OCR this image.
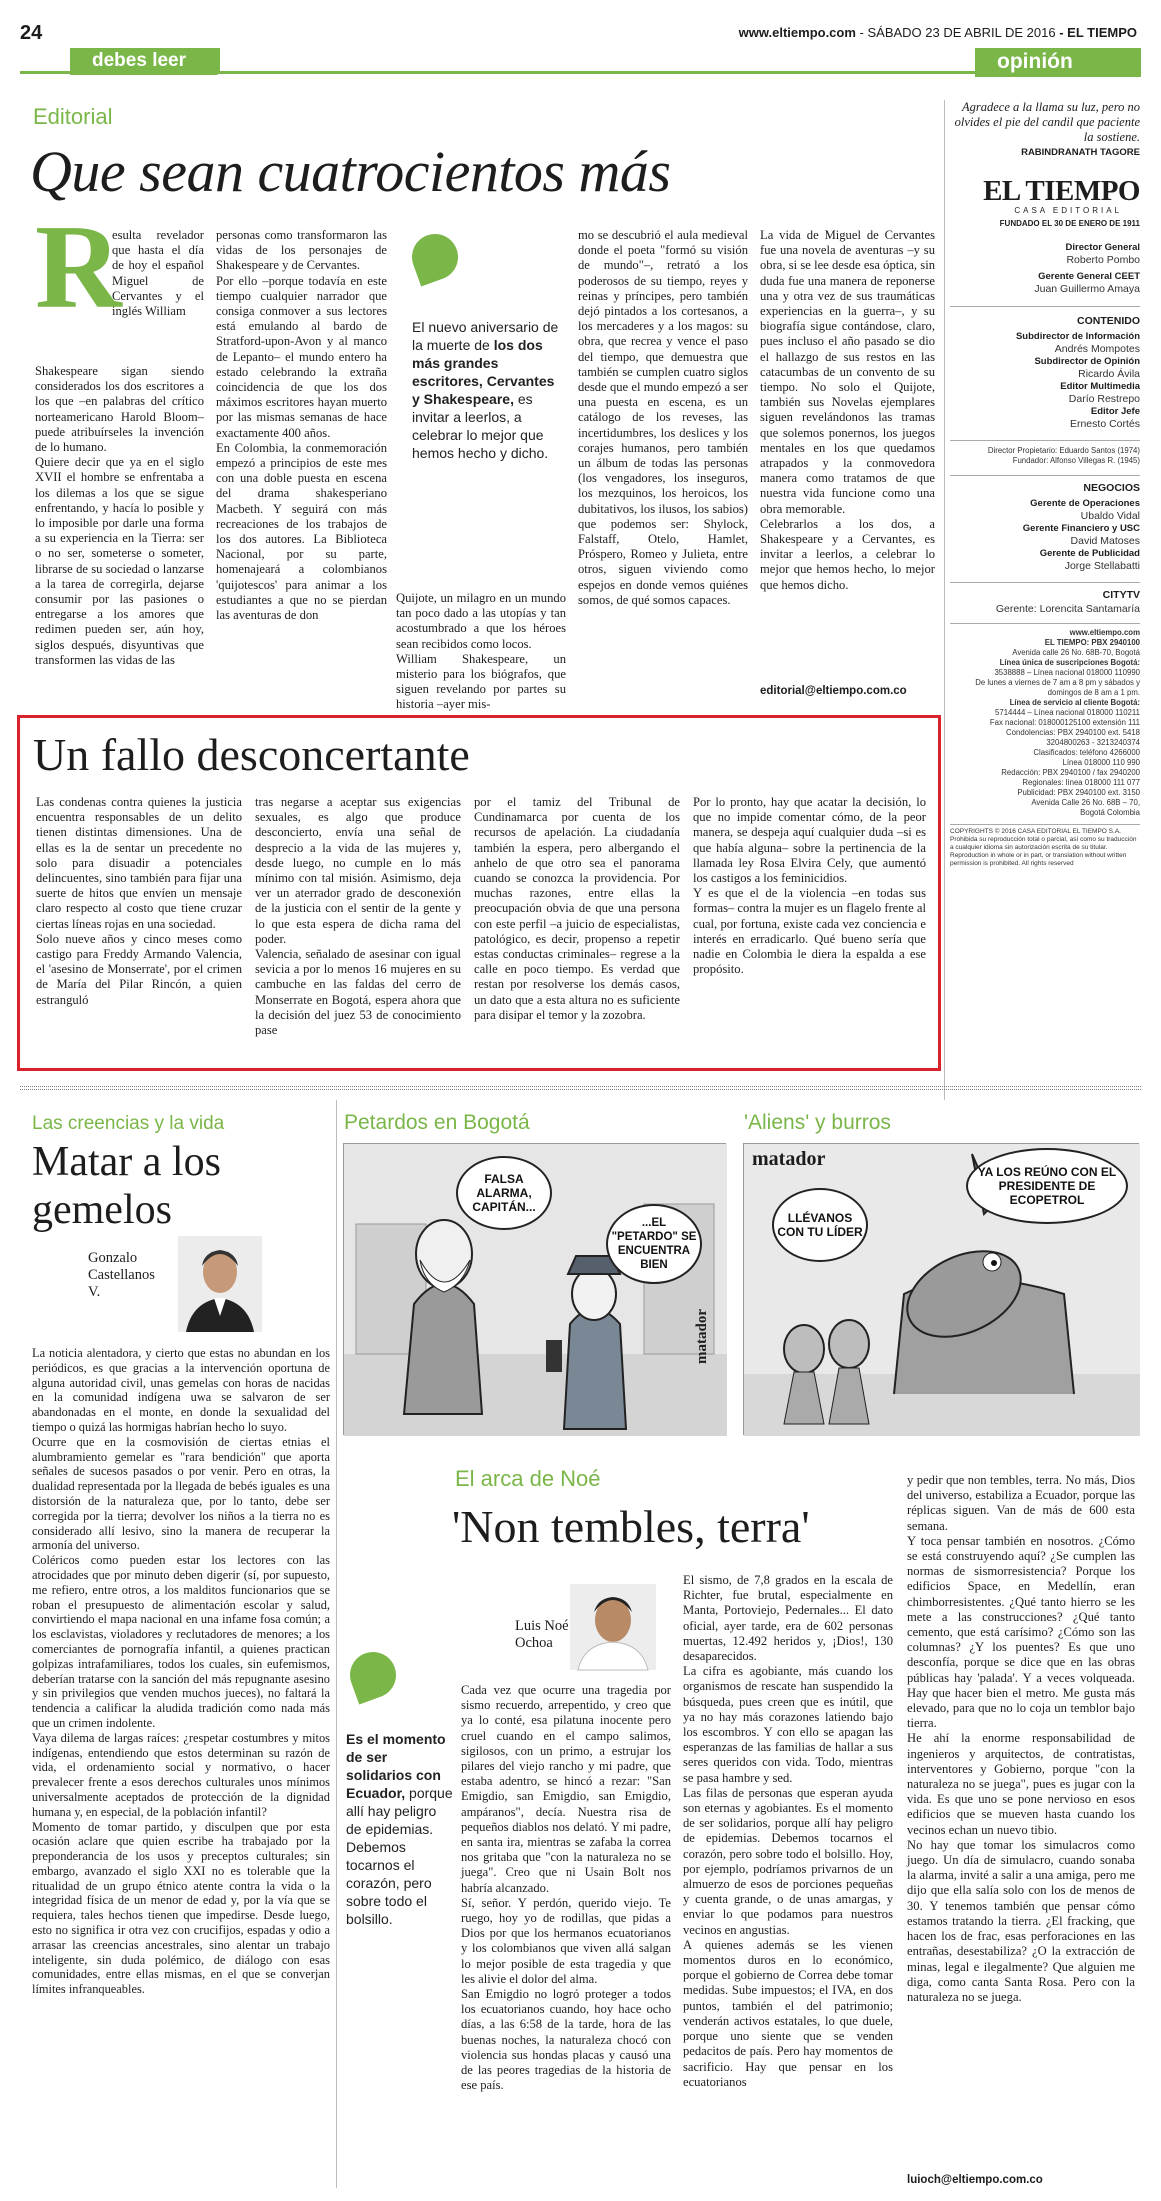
24	www.eltiempo.com - SÁBADO 23 DE ABRIL DE 2016 - EL TIEMPO
debes leer	opinión
Editorial
Que sean cuatrocientos más
R
esulta revelador que hasta el día de hoy el español Miguel de Cervantes y el inglés William
Shakespeare sigan siendo considerados los dos escritores a los que –en palabras del crítico norteamericano Harold Bloom– puede atribuírseles la invención de lo humano.
Quiere decir que ya en el siglo XVII el hombre se enfrentaba a los dilemas a los que se sigue enfrentando, y hacía lo posible y lo imposible por darle una forma a su experiencia en la Tierra: ser o no ser, someterse o someter, librarse de su sociedad o lanzarse a la tarea de corregirla, dejarse consumir por las pasiones o entregarse a los amores que redimen pueden ser, aún hoy, siglos después, disyuntivas que transformen las vidas de las
personas como transformaron las vidas de los personajes de Shakespeare y de Cervantes.
Por ello –porque todavía en este tiempo cualquier narrador que consiga conmover a sus lectores está emulando al bardo de Stratford-upon-Avon y al manco de Lepanto– el mundo entero ha estado celebrando la extraña coincidencia de que los dos máximos escritores hayan muerto por las mismas semanas de hace exactamente 400 años.
En Colombia, la conmemoración empezó a principios de este mes con una doble puesta en escena del drama shakesperiano Macbeth. Y seguirá con más recreaciones de los trabajos de los dos autores. La Biblioteca Nacional, por su parte, homenajeará a colombianos 'quijotescos' para animar a los estudiantes a que no se pierdan las aventuras de don
El nuevo aniversario de la muerte de los dos más grandes escritores, Cervantes y Shakespeare, es invitar a leerlos, a celebrar lo mejor que hemos hecho y dicho.
Quijote, un milagro en un mundo tan poco dado a las utopías y tan acostumbrado a que los héroes sean recibidos como locos.
William Shakespeare, un misterio para los biógrafos, que siguen revelando por partes su historia –ayer mis-
mo se descubrió el aula medieval donde el poeta "formó su visión de mundo"–, retrató a los poderosos de su tiempo, reyes y reinas y príncipes, pero también dejó pintados a los cortesanos, a los mercaderes y a los magos: su obra, que recrea y vence el paso del tiempo, que demuestra que también se cumplen cuatro siglos desde que el mundo empezó a ser una puesta en escena, es un catálogo de los reveses, las incertidumbres, los deslices y los corajes humanos, pero también un álbum de todas las personas (los vengadores, los inseguros, los mezquinos, los heroicos, los dubitativos, los ilusos, los sabios) que podemos ser: Shylock, Falstaff, Otelo, Hamlet, Próspero, Romeo y Julieta, entre otros, siguen viviendo como espejos en donde vemos quiénes somos, de qué somos capaces.
La vida de Miguel de Cervantes fue una novela de aventuras –y su obra, si se lee desde esa óptica, sin duda fue una manera de reponerse una y otra vez de sus traumáticas experiencias en la guerra–, y su biografía sigue contándose, claro, pues incluso el año pasado se dio el hallazgo de sus restos en las catacumbas de un convento de su tiempo. No solo el Quijote, también sus Novelas ejemplares siguen revelándonos las tramas que solemos ponernos, los juegos mentales en los que quedamos atrapados y la conmovedora manera como tratamos de que nuestra vida funcione como una obra memorable.
Celebrarlos a los dos, a Shakespeare y a Cervantes, es invitar a leerlos, a celebrar lo mejor que hemos hecho, lo mejor que hemos dicho.
editorial@eltiempo.com.co
Agradece a la llama su luz, pero no olvides el pie del candil que paciente la sostiene.
RABINDRANATH TAGORE
EL TIEMPO
CASA EDITORIAL
FUNDADO EL 30 DE ENERO DE 1911
Director General
Roberto Pombo
Gerente General CEET
Juan Guillermo Amaya
CONTENIDO
Subdirector de Información
Andrés Mompotes
Subdirector de Opinión
Ricardo Ávila
Editor Multimedia
Darío Restrepo
Editor Jefe
Ernesto Cortés
Director Propietario: Eduardo Santos (1974)
Fundador: Alfonso Villegas R. (1945)
NEGOCIOS
Gerente de Operaciones
Ubaldo Vidal
Gerente Financiero y USC
David Matoses
Gerente de Publicidad
Jorge Stellabatti
CITYTV
Gerente: Lorencita Santamaría
www.eltiempo.com
EL TIEMPO: PBX 2940100
Avenida calle 26 No. 68B-70, Bogotá
Línea única de suscripciones Bogotá:
3538888 – Línea nacional 018000 110990
De lunes a viernes de 7 am a 8 pm y sábados y
domingos de 8 am a 1 pm.
Línea de servicio al cliente Bogotá:
5714444 – Línea nacional 018000 110211
Fax nacional: 018000125100 extensión 111
Condolencias: PBX 2940100 ext. 5418
3204800263 - 3213240374
Clasificados: teléfono 4266000
Línea 018000 110 990
Redacción: PBX 2940100 / fax 2940200
Regionales: línea 018000 111 077
Publicidad: PBX 2940100 ext. 3150
Avenida Calle 26 No. 68B – 70,
Bogotá Colombia
COPYRIGHTS © 2016 CASA EDITORIAL EL TIEMPO S.A. Prohibida su reproducción total o parcial, así como su traducción a cualquier idioma sin autorización escrita de su titular. Reproduction in whole or in part, or translation without written permission is prohibited. All rights reserved
Un fallo desconcertante
Las condenas contra quienes la justicia encuentra responsables de un delito tienen distintas dimensiones. Una de ellas es la de sentar un precedente no solo para disuadir a potenciales delincuentes, sino también para fijar una suerte de hitos que envíen un mensaje claro respecto al costo que tiene cruzar ciertas líneas rojas en una sociedad.
Solo nueve años y cinco meses como castigo para Freddy Armando Valencia, el 'asesino de Monserrate', por el crimen de María del Pilar Rincón, a quien estranguló
tras negarse a aceptar sus exigencias sexuales, es algo que produce desconcierto, envía una señal de desprecio a la vida de las mujeres y, desde luego, no cumple en lo más mínimo con tal misión. Asimismo, deja ver un aterrador grado de desconexión de la justicia con el sentir de la gente y lo que esta espera de dicha rama del poder.
Valencia, señalado de asesinar con igual sevicia a por lo menos 16 mujeres en su cambuche en las faldas del cerro de Monserrate en Bogotá, espera ahora que la decisión del juez 53 de conocimiento pase
por el tamiz del Tribunal de Cundinamarca por cuenta de los recursos de apelación. La ciudadanía también la espera, pero albergando el anhelo de que otro sea el panorama cuando se conozca la providencia. Por muchas razones, entre ellas la preocupación obvia de que una persona con este perfil –a juicio de especialistas, patológico, es decir, propenso a repetir estas conductas criminales– regrese a la calle en poco tiempo. Es verdad que restan por resolverse los demás casos, un dato que a esta altura no es suficiente para disipar el temor y la zozobra.
Por lo pronto, hay que acatar la decisión, lo que no impide comentar cómo, de la peor manera, se despeja aquí cualquier duda –si es que había alguna– sobre la pertinencia de la llamada ley Rosa Elvira Cely, que aumentó los castigos a los feminicidios.
Y es que el de la violencia –en todas sus formas– contra la mujer es un flagelo frente al cual, por fortuna, existe cada vez conciencia e interés en erradicarlo. Qué bueno sería que nadie en Colombia le diera la espalda a ese propósito.
Las creencias y la vida
Matar a los gemelos
Gonzalo Castellanos V.
La noticia alentadora, y cierto que estas no abundan en los periódicos, es que gracias a la intervención oportuna de alguna autoridad civil, unas gemelas con horas de nacidas en la comunidad indígena uwa se salvaron de ser abandonadas en el monte, en donde la sexualidad del tiempo o quizá las hormigas habrían hecho lo suyo.
Ocurre que en la cosmovisión de ciertas etnias el alumbramiento gemelar es "rara bendición" que aporta señales de sucesos pasados o por venir. Pero en otras, la dualidad representada por la llegada de bebés iguales es una distorsión de la naturaleza que, por lo tanto, debe ser corregida por la tierra; devolver los niños a la tierra no es considerado allí lesivo, sino la manera de recuperar la armonía del universo.
Coléricos como pueden estar los lectores con las atrocidades que por minuto deben digerir (sí, por supuesto, me refiero, entre otros, a los malditos funcionarios que se roban el presupuesto de alimentación escolar y salud, convirtiendo el mapa nacional en una infame fosa común; a los esclavistas, violadores y reclutadores de menores; a los comerciantes de pornografía infantil, a quienes practican golpizas intrafamiliares, todos los cuales, sin eufemismos, deberían tratarse con la sanción del más repugnante asesino y sin privilegios que venden muchos jueces), no faltará la tendencia a calificar la aludida tradición como nada más que un crimen indolente.
Vaya dilema de largas raíces: ¿respetar costumbres y mitos indígenas, entendiendo que estos determinan su razón de vida, el ordenamiento social y normativo, o hacer prevalecer frente a esos derechos culturales unos mínimos universalmente aceptados de protección de la dignidad humana y, en especial, de la población infantil?
Momento de tomar partido, y disculpen que por esta ocasión aclare que quien escribe ha trabajado por la preponderancia de los usos y preceptos culturales; sin embargo, avanzado el siglo XXI no es tolerable que la ritualidad de un grupo étnico atente contra la vida o la integridad física de un menor de edad y, por la vía que se requiera, tales hechos tienen que impedirse. Desde luego, esto no significa ir otra vez con crucifijos, espadas y odio a arrasar las creencias ancestrales, sino alentar un trabajo inteligente, sin duda polémico, de diálogo con esas comunidades, entre ellas mismas, en el que se converjan límites infranqueables.
Petardos en Bogotá
FALSA ALARMA, CAPITÁN...
...EL "PETARDO" SE ENCUENTRA BIEN
matador
'Aliens' y burros
matador
LLÉVANOS CON TU LÍDER
YA LOS REÚNO CON EL PRESIDENTE DE ECOPETROL
El arca de Noé
'Non tembles, terra'
Luis Noé Ochoa
Es el momento de ser solidarios con Ecuador, porque allí hay peligro de epidemias. Debemos tocarnos el corazón, pero sobre todo el bolsillo.
Cada vez que ocurre una tragedia por sismo recuerdo, arrepentido, y creo que ya lo conté, esa pilatuna inocente pero cruel cuando en el campo salimos, sigilosos, con un primo, a estrujar los pilares del viejo rancho y mi padre, que estaba adentro, se hincó a rezar: "San Emigdio, san Emigdio, san Emigdio, ampáranos", decía. Nuestra risa de pequeños diablos nos delató. Y mi padre, en santa ira, mientras se zafaba la correa nos gritaba que "con la naturaleza no se juega". Creo que ni Usain Bolt nos habría alcanzado.
Sí, señor. Y perdón, querido viejo. Te ruego, hoy yo de rodillas, que pidas a Dios por que los hermanos ecuatorianos y los colombianos que viven allá salgan lo mejor posible de esta tragedia y que les alivie el dolor del alma.
San Emigdio no logró proteger a todos los ecuatorianos cuando, hoy hace ocho días, a las 6:58 de la tarde, hora de las buenas noches, la naturaleza chocó con violencia sus hondas placas y causó una de las peores tragedias de la historia de ese país.
El sismo, de 7,8 grados en la escala de Richter, fue brutal, especialmente en Manta, Portoviejo, Pedernales... El dato oficial, ayer tarde, era de 602 personas muertas, 12.492 heridos y, ¡Dios!, 130 desaparecidos.
La cifra es agobiante, más cuando los organismos de rescate han suspendido la búsqueda, pues creen que es inútil, que ya no hay más corazones latiendo bajo los escombros. Y con ello se apagan las esperanzas de las familias de hallar a sus seres queridos con vida. Todo, mientras se pasa hambre y sed.
Las filas de personas que esperan ayuda son eternas y agobiantes. Es el momento de ser solidarios, porque allí hay peligro de epidemias. Debemos tocarnos el corazón, pero sobre todo el bolsillo. Hoy, por ejemplo, podríamos privarnos de un almuerzo de esos de porciones pequeñas y cuenta grande, o de unas amargas, y enviar lo que podamos para nuestros vecinos en angustias.
A quienes además se les vienen momentos duros en lo económico, porque el gobierno de Correa debe tomar medidas. Sube impuestos; el IVA, en dos puntos, también el del patrimonio; venderán activos estatales, lo que duele, porque uno siente que se venden pedacitos de país. Pero hay momentos de sacrificio. Hay que pensar en los ecuatorianos
y pedir que non tembles, terra. No más, Dios del universo, estabiliza a Ecuador, porque las réplicas siguen. Van de más de 600 esta semana.
Y toca pensar también en nosotros. ¿Cómo se está construyendo aquí? ¿Se cumplen las normas de sismorresistencia? Porque los edificios Space, en Medellín, eran chimborresistentes. ¿Qué tanto hierro se les mete a las construcciones? ¿Qué tanto cemento, que está carísimo? ¿Cómo son las columnas? ¿Y los puentes? Es que uno desconfía, porque se dice que en las obras públicas hay 'palada'. Y a veces volqueada. Hay que hacer bien el metro. Me gusta más elevado, para que no lo coja un temblor bajo tierra.
He ahí la enorme responsabilidad de ingenieros y arquitectos, de contratistas, interventores y Gobierno, porque "con la naturaleza no se juega", pues es jugar con la vida. Es que uno se pone nervioso en esos edificios que se mueven hasta cuando los vecinos echan un nuevo tibio.
No hay que tomar los simulacros como juego. Un día de simulacro, cuando sonaba la alarma, invité a salir a una amiga, pero me dijo que ella salía solo con los de menos de 30. Y tenemos también que pensar cómo estamos tratando la tierra. ¿El fracking, que hacen los de frac, esas perforaciones en las entrañas, desestabiliza? ¿O la extracción de minas, legal e ilegalmente? Que alguien me diga, como canta Santa Rosa. Pero con la naturaleza no se juega.
luioch@eltiempo.com.co
